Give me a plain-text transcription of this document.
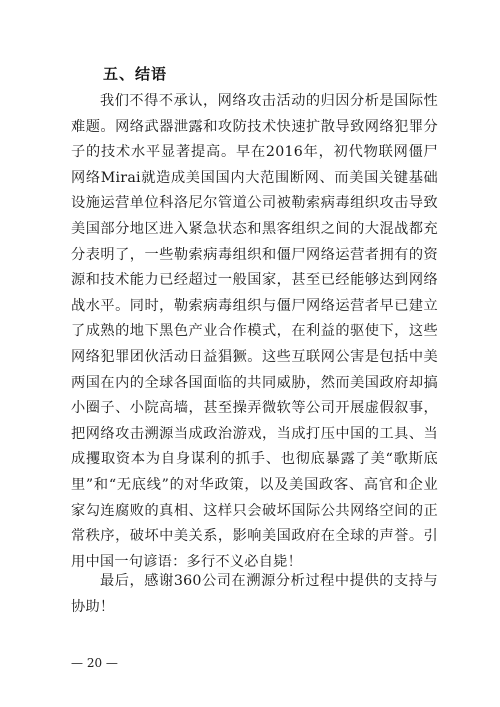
五、结语

我们不得不承认，网络攻击活动的归因分析是国际性难题。网络武器泄露和攻防技术快速扩散导致网络犯罪分子的技术水平显著提高。早在2016年，初代物联网僵尸网络Mirai就造成美国国内大范围断网、而美国关键基础设施运营单位科洛尼尔管道公司被勒索病毒组织攻击导致美国部分地区进入紧急状态和黑客组织之间的大混战都充分表明了，一些勒索病毒组织和僵尸网络运营者拥有的资源和技术能力已经超过一般国家，甚至已经能够达到网络战水平。同时，勒索病毒组织与僵尸网络运营者早已建立了成熟的地下黑色产业合作模式，在利益的驱使下，这些网络犯罪团伙活动日益猖獗。这些互联网公害是包括中美两国在内的全球各国面临的共同威胁，然而美国政府却搞小圈子、小院高墙，甚至操弄微软等公司开展虚假叙事，把网络攻击溯源当成政治游戏，当成打压中国的工具、当成攫取资本为自身谋利的抓手、也彻底暴露了美“歌斯底里”和“无底线”的对华政策，以及美国政客、高官和企业家勾连腐败的真相、这样只会破坏国际公共网络空间的正常秩序，破坏中美关系，影响美国政府在全球的声誉。引用中国一句谚语：多行不义必自毙！

最后，感谢360公司在溯源分析过程中提供的支持与协助！

— 20 —
